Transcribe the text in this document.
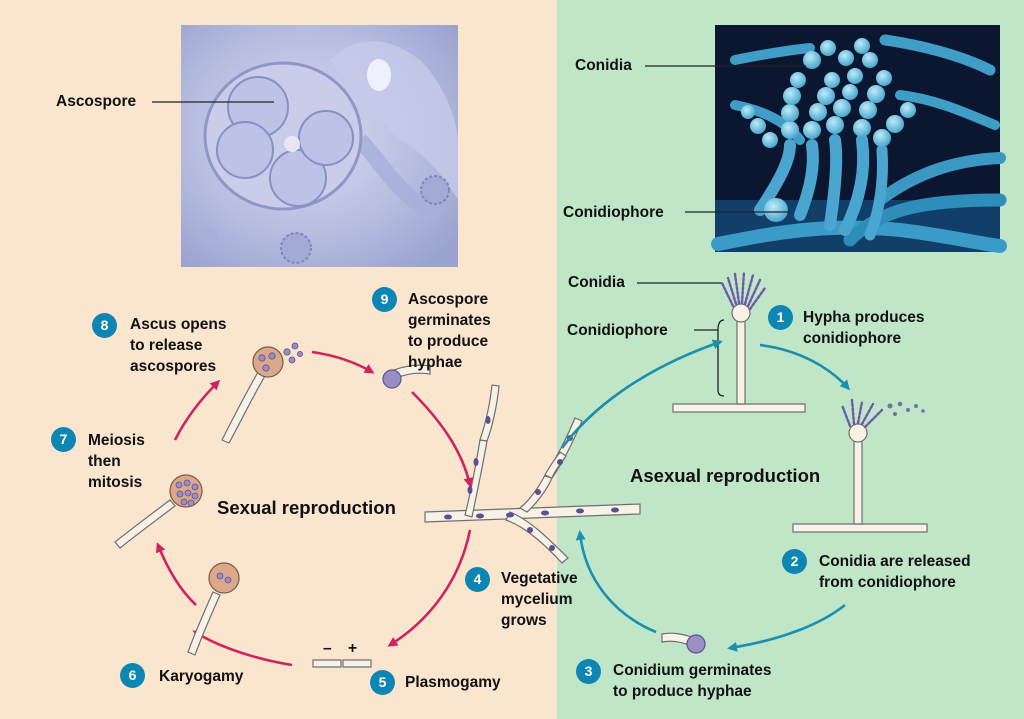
Ascospore
Conidia
Conidiophore
Conidia
Conidiophore
Sexual reproduction
Asexual reproduction
– +
1	Hypha produces
conidiophore
2	Conidia are released
from conidiophore
3	Conidium germinates
to produce hyphae
4	Vegetative
mycelium
grows
5	Plasmogamy
6	Karyogamy
7	Meiosis
then
mitosis
8	Ascus opens
to release
ascospores
9	Ascospore
germinates
to produce
hyphae
